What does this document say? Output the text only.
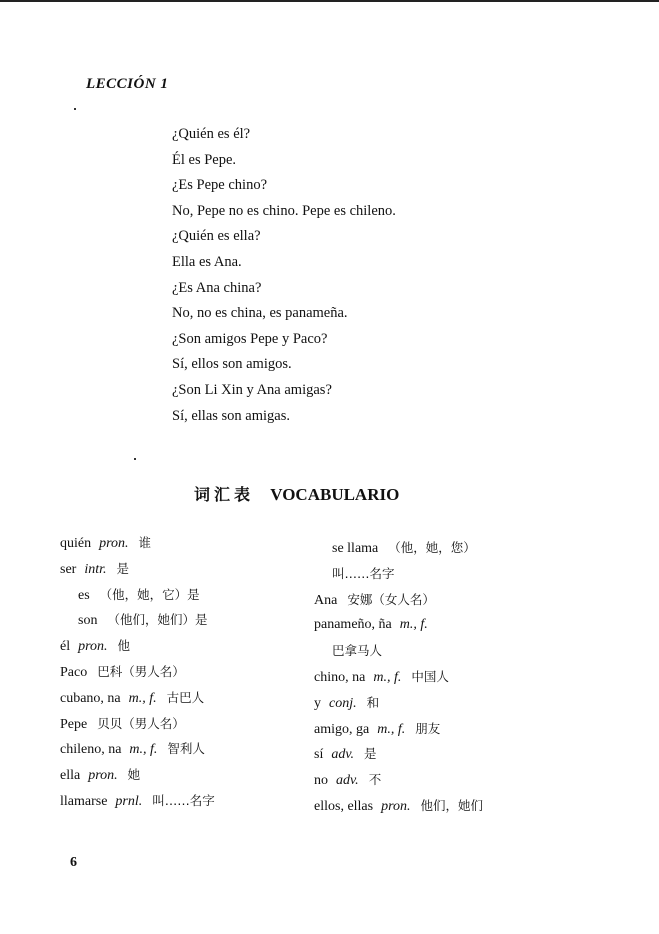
LECCIÓN 1
¿Quién es él?
Él es Pepe.
¿Es Pepe chino?
No, Pepe no es chino. Pepe es chileno.
¿Quién es ella?
Ella es Ana.
¿Es Ana china?
No, no es china, es panameña.
¿Son amigos Pepe y Paco?
Sí, ellos son amigos.
¿Son Li Xin y Ana amigas?
Sí, ellas son amigas.
词汇表 VOCABULARIO
quién pron. 谁
ser intr. 是
es （他，她，它）是
son （他们，她们）是
él pron. 他
Paco 巴科（男人名）
cubano, na m., f. 古巴人
Pepe 贝贝（男人名）
chileno, na m., f. 智利人
ella pron. 她
llamarse prnl. 叫……名字
se llama （他，她，您）
叫……名字
Ana 安娜（女人名）
panameño, ña m., f.
巴拿马人
chino, na m., f. 中国人
y conj. 和
amigo, ga m., f. 朋友
sí adv. 是
no adv. 不
ellos, ellas pron. 他们，她们
6
